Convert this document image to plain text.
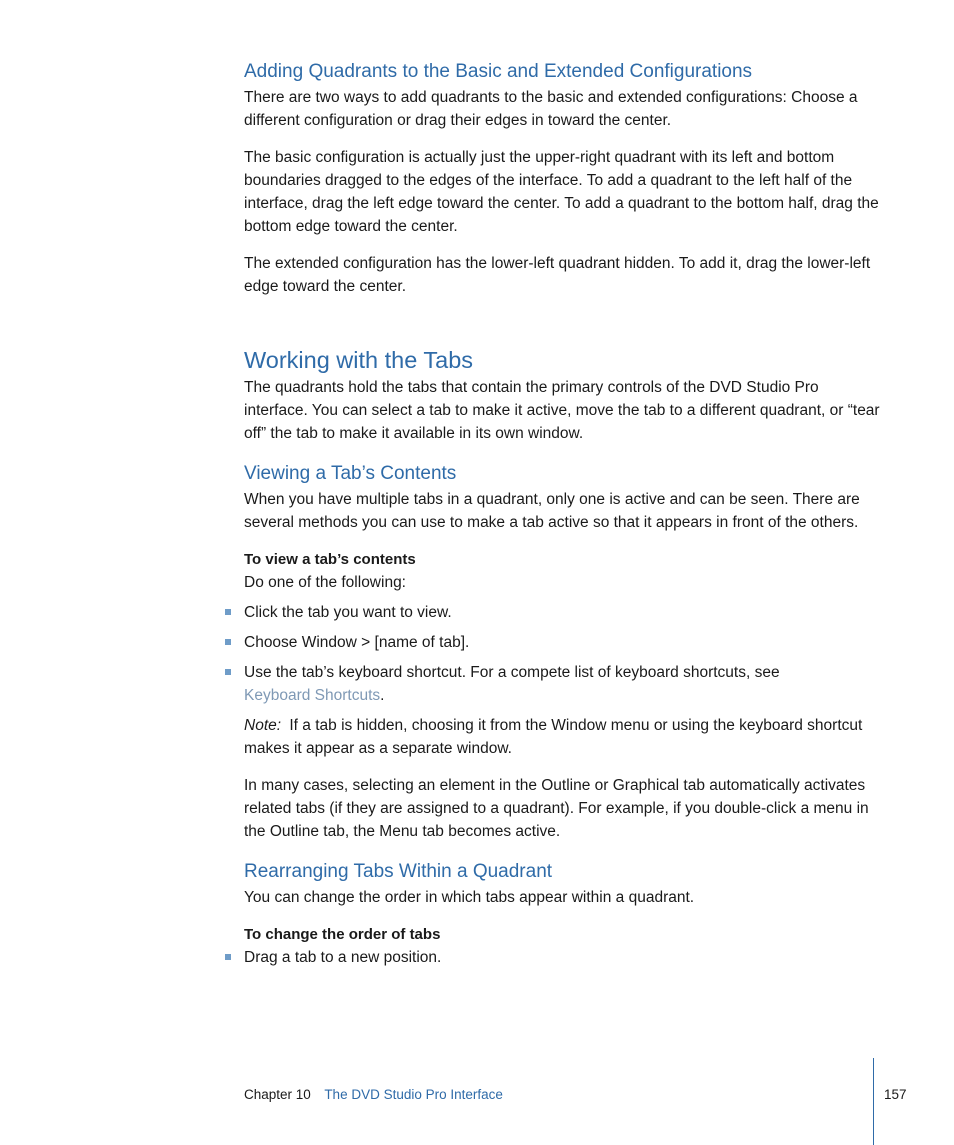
Adding Quadrants to the Basic and Extended Configurations

There are two ways to add quadrants to the basic and extended configurations: Choose a different configuration or drag their edges in toward the center.

The basic configuration is actually just the upper-right quadrant with its left and bottom boundaries dragged to the edges of the interface. To add a quadrant to the left half of the interface, drag the left edge toward the center. To add a quadrant to the bottom half, drag the bottom edge toward the center.

The extended configuration has the lower-left quadrant hidden. To add it, drag the lower-left edge toward the center.

Working with the Tabs

The quadrants hold the tabs that contain the primary controls of the DVD Studio Pro interface. You can select a tab to make it active, move the tab to a different quadrant, or “tear off” the tab to make it available in its own window.

Viewing a Tab’s Contents

When you have multiple tabs in a quadrant, only one is active and can be seen. There are several methods you can use to make a tab active so that it appears in front of the others.

To view a tab’s contents

Do one of the following:

Click the tab you want to view.
Choose Window > [name of tab].
Use the tab’s keyboard shortcut. For a compete list of keyboard shortcuts, see
Keyboard Shortcuts.

Note: If a tab is hidden, choosing it from the Window menu or using the keyboard shortcut makes it appear as a separate window.

In many cases, selecting an element in the Outline or Graphical tab automatically activates related tabs (if they are assigned to a quadrant). For example, if you double-click a menu in the Outline tab, the Menu tab becomes active.

Rearranging Tabs Within a Quadrant

You can change the order in which tabs appear within a quadrant.

To change the order of tabs
Drag a tab to a new position.
Chapter 10 The DVD Studio Pro Interface	157
